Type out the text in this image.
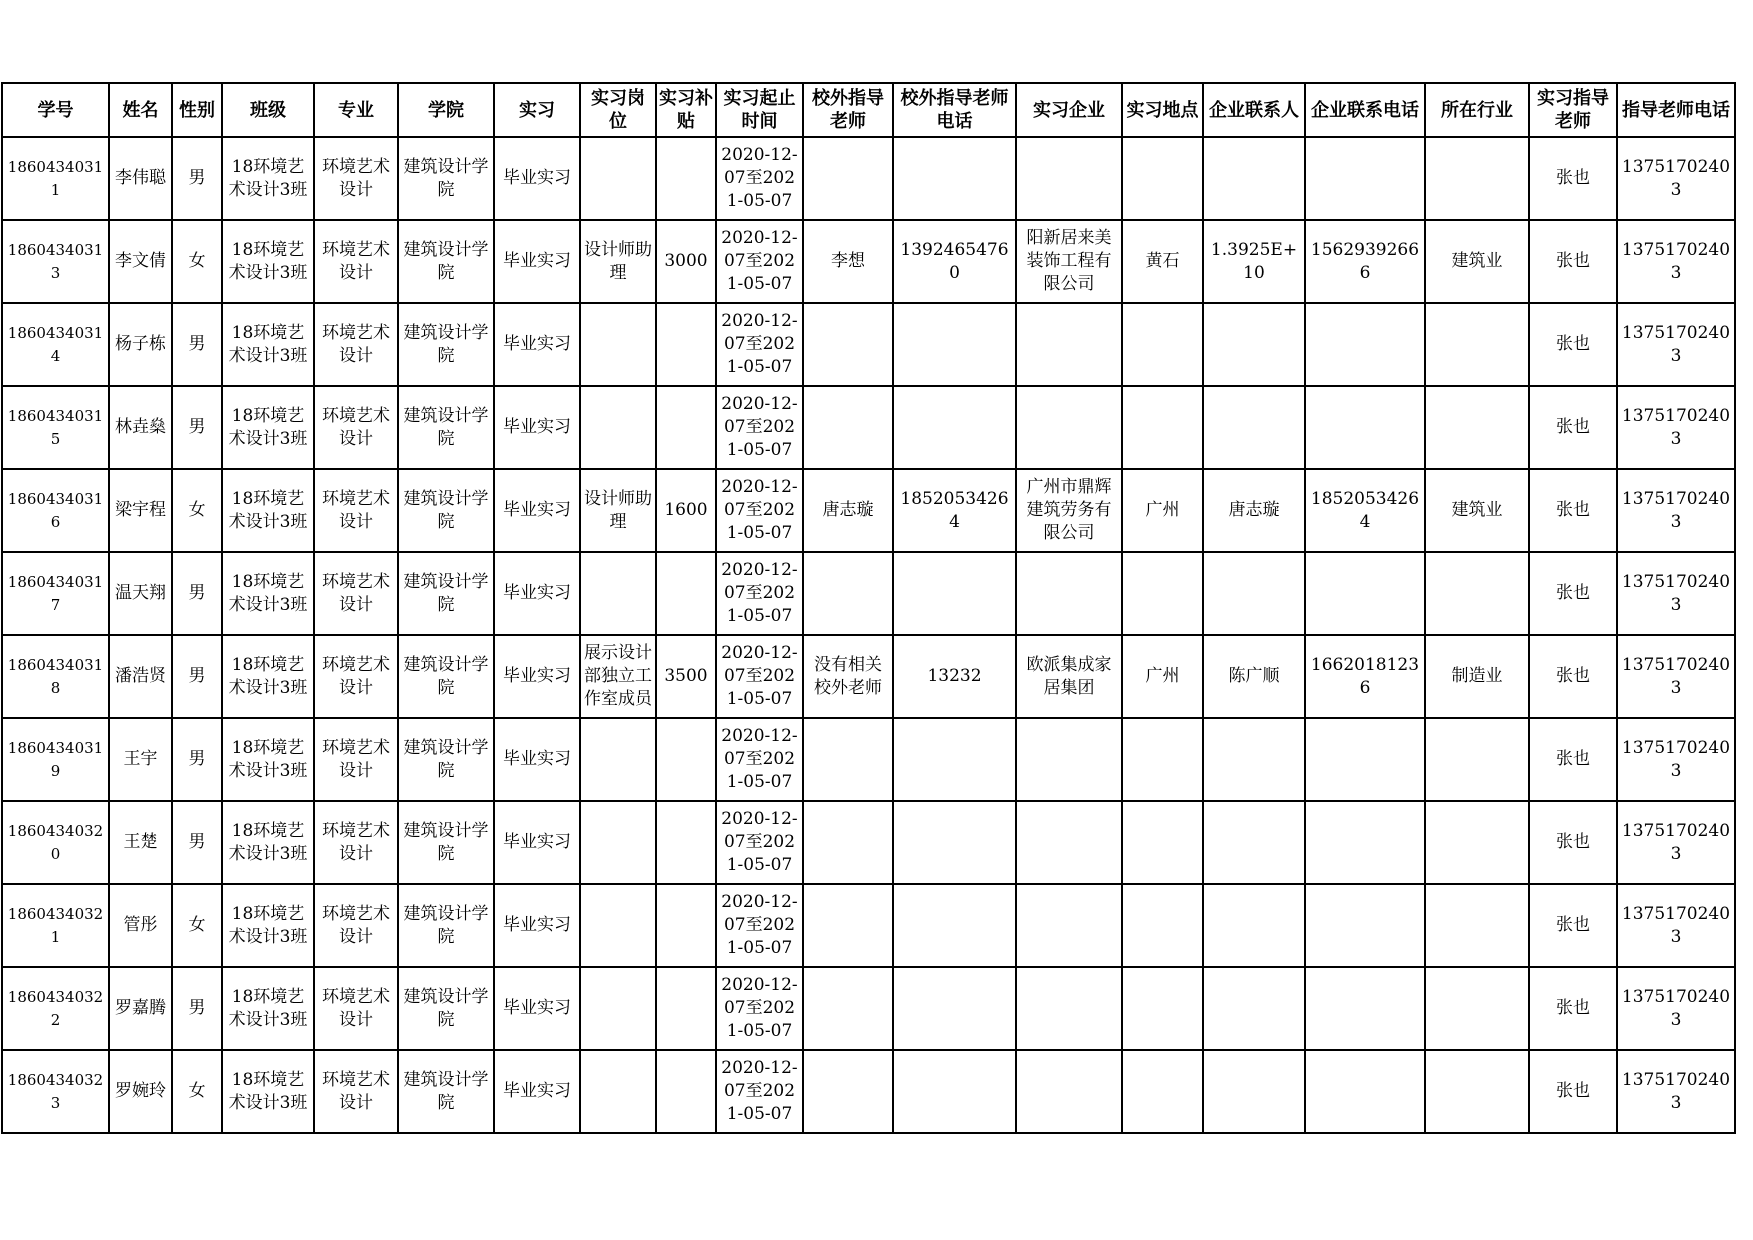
学号	姓名	性别	班级	专业	学院	实习	实习岗位	实习补贴	实习起止时间	校外指导老师	校外指导老师电话	实习企业	实习地点	企业联系人	企业联系电话	所在行业	实习指导老师	指导老师电话
18604340311	李伟聪	男	18环境艺术设计3班	环境艺术设计	建筑设计学院	毕业实习			2020-12-07至2021-05-07								张也	13751702403
18604340313	李文倩	女	18环境艺术设计3班	环境艺术设计	建筑设计学院	毕业实习	设计师助理	3000	2020-12-07至2021-05-07	李想	13924654760	阳新居来美装饰工程有限公司	黄石	1.3925E+10	15629392666	建筑业	张也	13751702403
18604340314	杨子栋	男	18环境艺术设计3班	环境艺术设计	建筑设计学院	毕业实习			2020-12-07至2021-05-07								张也	13751702403
18604340315	林垚燊	男	18环境艺术设计3班	环境艺术设计	建筑设计学院	毕业实习			2020-12-07至2021-05-07								张也	13751702403
18604340316	梁宇程	女	18环境艺术设计3班	环境艺术设计	建筑设计学院	毕业实习	设计师助理	1600	2020-12-07至2021-05-07	唐志璇	18520534264	广州市鼎辉建筑劳务有限公司	广州	唐志璇	18520534264	建筑业	张也	13751702403
18604340317	温天翔	男	18环境艺术设计3班	环境艺术设计	建筑设计学院	毕业实习			2020-12-07至2021-05-07								张也	13751702403
18604340318	潘浩贤	男	18环境艺术设计3班	环境艺术设计	建筑设计学院	毕业实习	展示设计部独立工作室成员	3500	2020-12-07至2021-05-07	没有相关校外老师	13232	欧派集成家居集团	广州	陈广顺	16620181236	制造业	张也	13751702403
18604340319	王宇	男	18环境艺术设计3班	环境艺术设计	建筑设计学院	毕业实习			2020-12-07至2021-05-07								张也	13751702403
18604340320	王楚	男	18环境艺术设计3班	环境艺术设计	建筑设计学院	毕业实习			2020-12-07至2021-05-07								张也	13751702403
18604340321	管彤	女	18环境艺术设计3班	环境艺术设计	建筑设计学院	毕业实习			2020-12-07至2021-05-07								张也	13751702403
18604340322	罗嘉腾	男	18环境艺术设计3班	环境艺术设计	建筑设计学院	毕业实习			2020-12-07至2021-05-07								张也	13751702403
18604340323	罗婉玲	女	18环境艺术设计3班	环境艺术设计	建筑设计学院	毕业实习			2020-12-07至2021-05-07								张也	13751702403
